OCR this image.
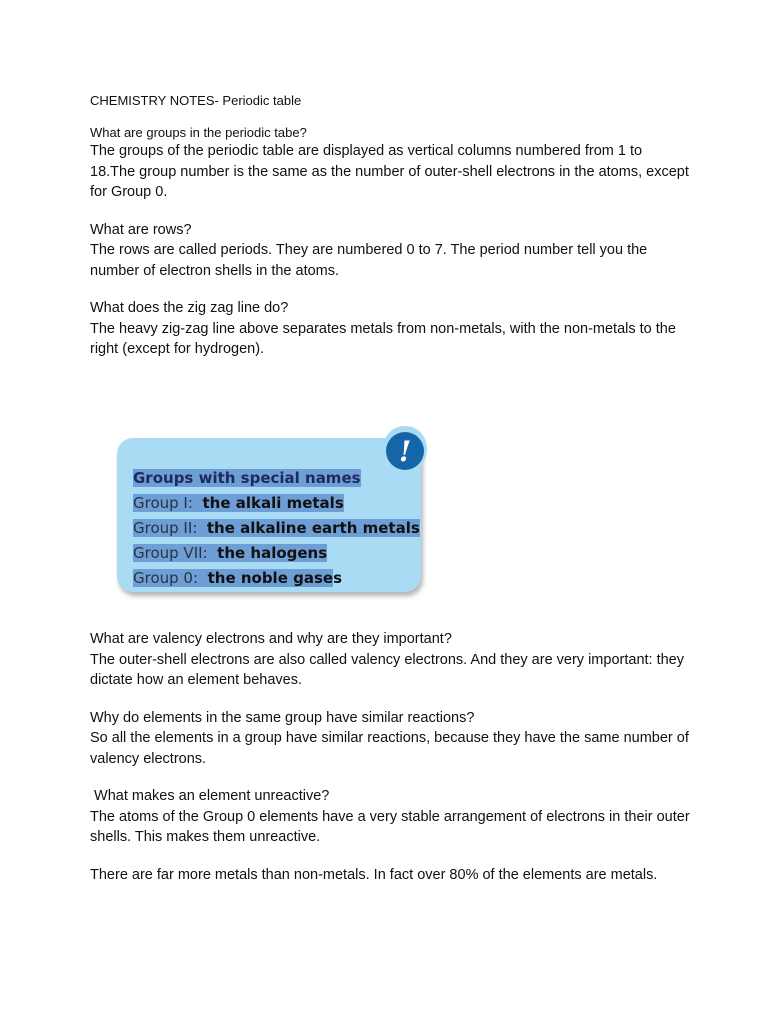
CHEMISTRY NOTES- Periodic table

What are groups in the periodic tabe?

The groups of the periodic table are displayed as vertical columns numbered from 1 to 18.The group number is the same as the number of outer-shell electrons in the atoms, except for Group 0.

What are rows?

The rows are called periods. They are numbered 0 to 7. The period number tell you the number of electron shells in the atoms.

What does the zig zag line do?

The heavy zig-zag line above separates metals from non-metals, with the non-metals to the right (except for hydrogen).

Groups with special names
Group I: the alkali metals
Group II: the alkaline earth metals
Group VII: the halogens
Group 0: the noble gases
!

What are valency electrons and why are they important?

The outer-shell electrons are also called valency electrons. And they are very important: they dictate how an element behaves.

Why do elements in the same group have similar reactions?

So all the elements in a group have similar reactions, because they have the same number of valency electrons.

What makes an element unreactive?

The atoms of the Group 0 elements have a very stable arrangement of electrons in their outer shells. This makes them unreactive.

There are far more metals than non-metals. In fact over 80% of the elements are metals.
